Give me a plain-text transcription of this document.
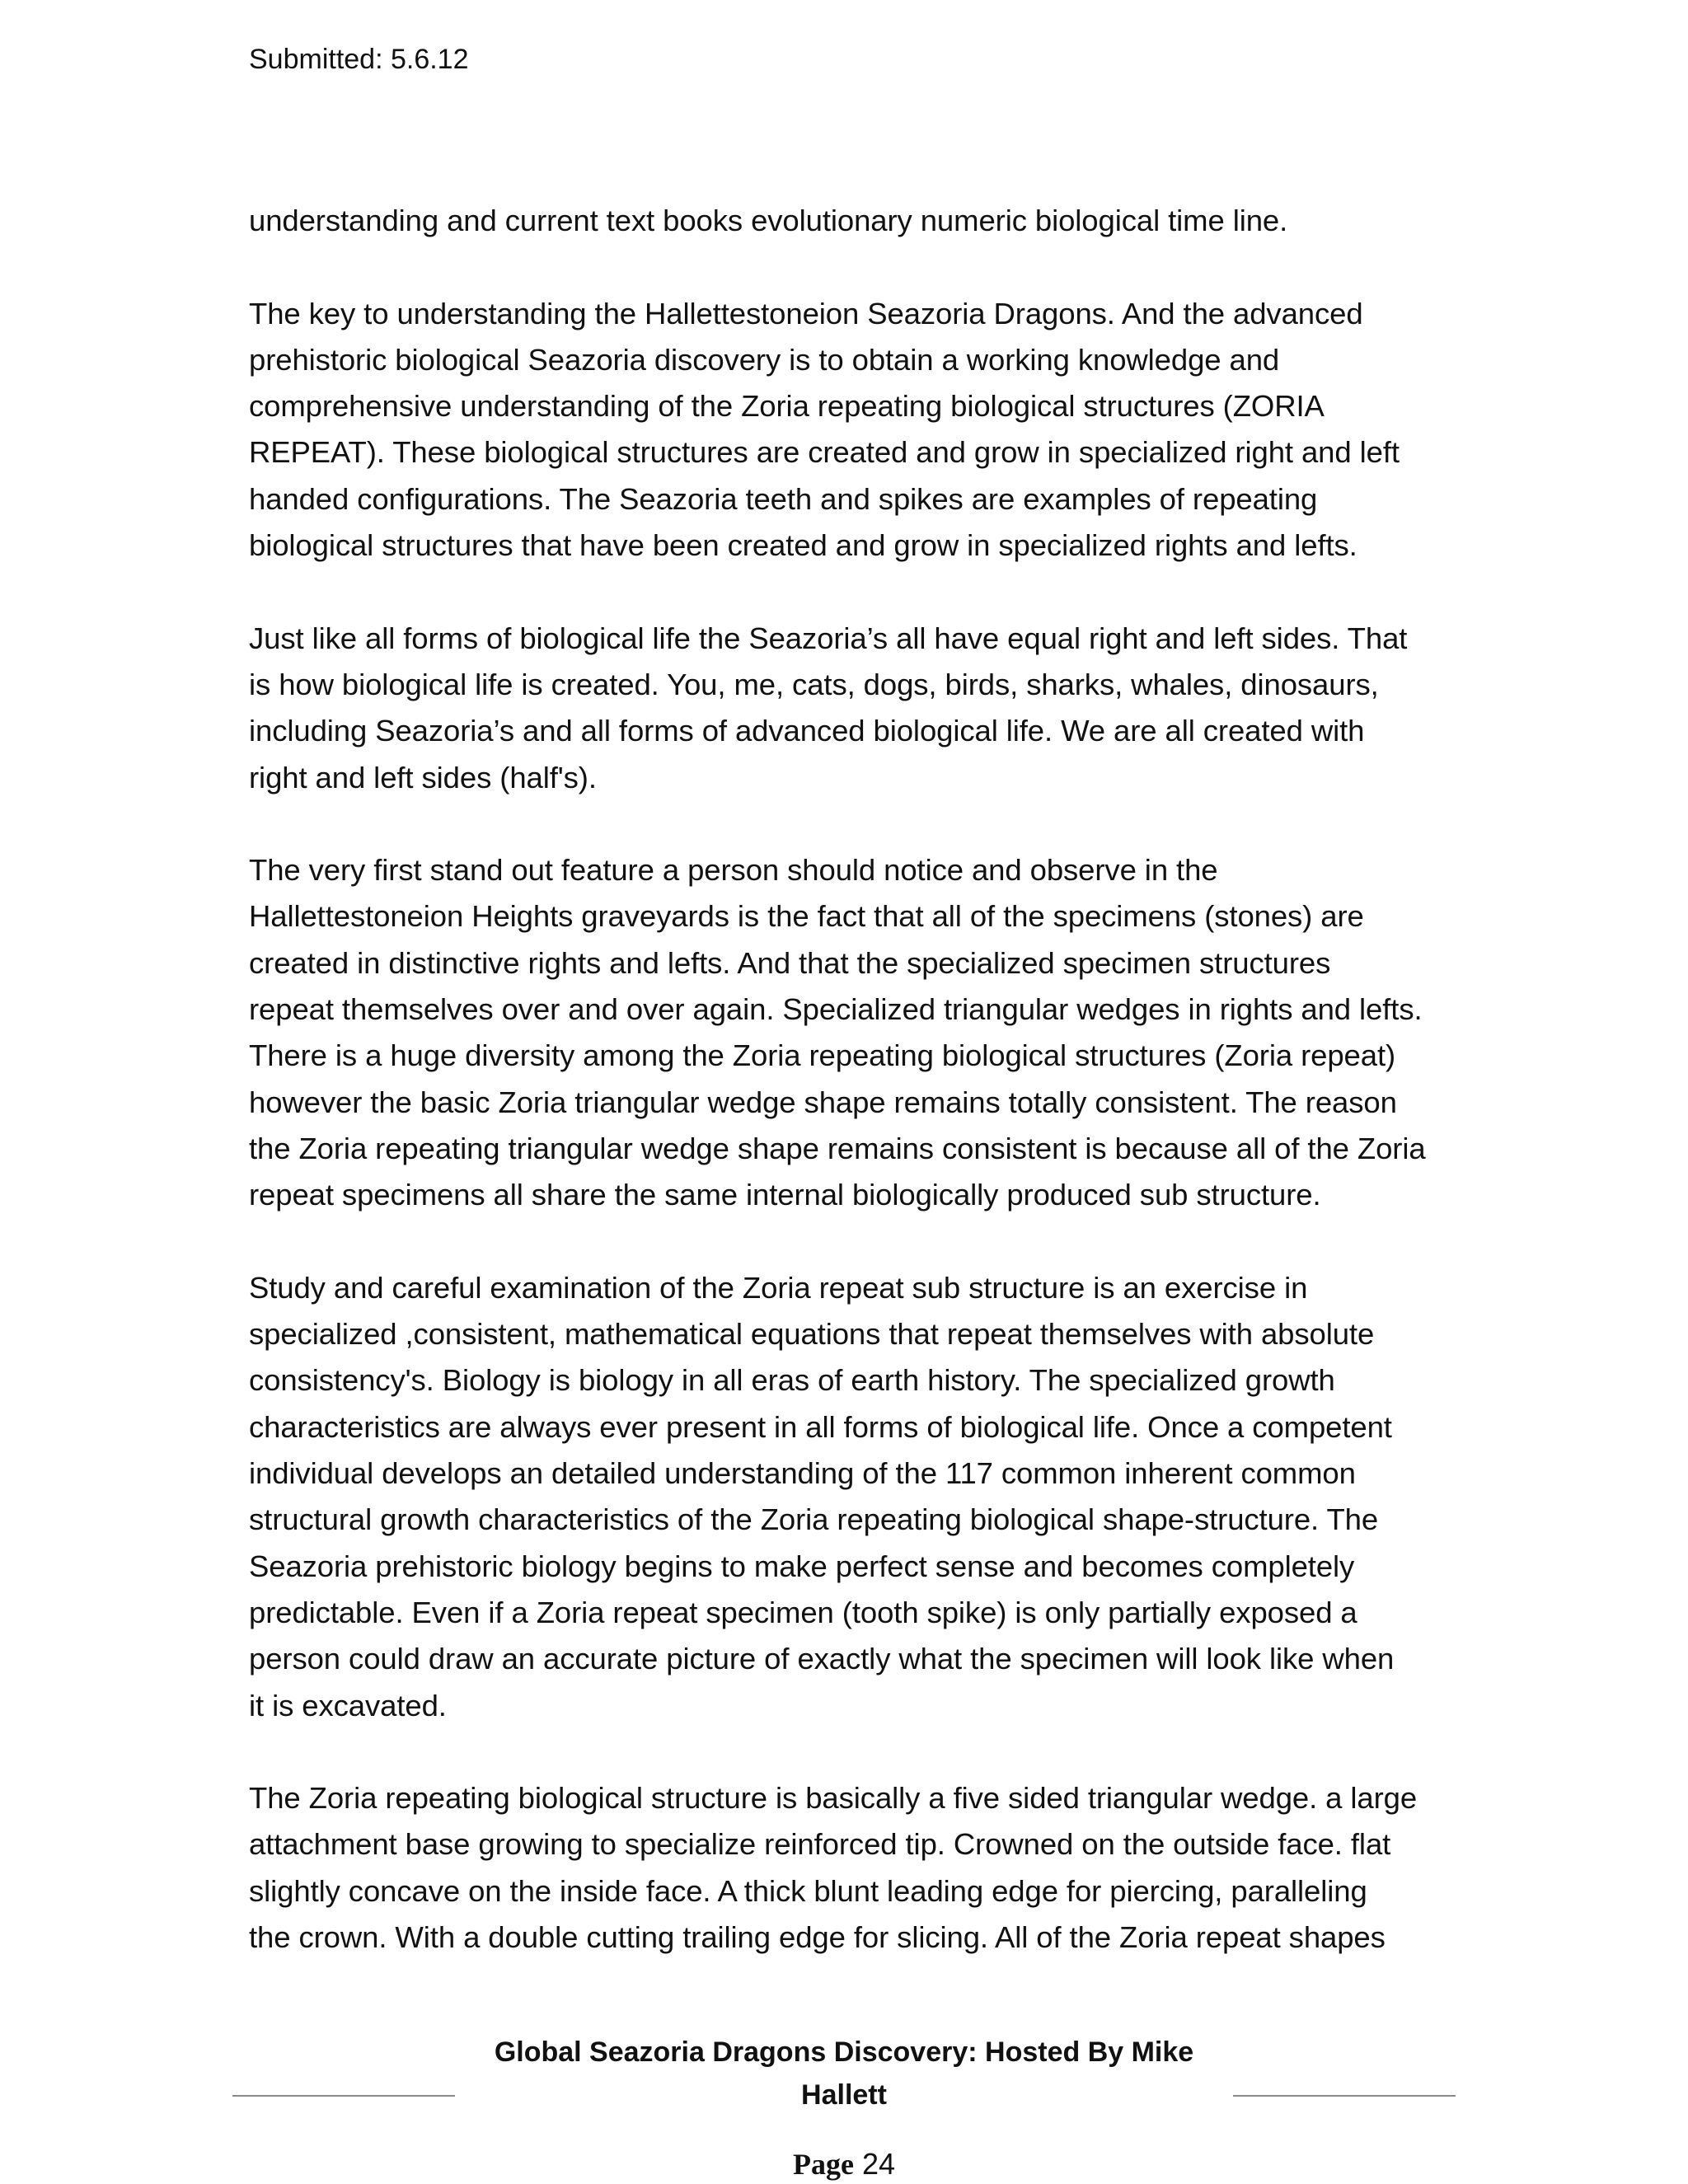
Submitted: 5.6.12

understanding and current text books evolutionary numeric biological time line.

The key to understanding the Hallettestoneion Seazoria Dragons. And the advanced
prehistoric biological Seazoria discovery is to obtain a working knowledge and
comprehensive understanding of the Zoria repeating biological structures (ZORIA
REPEAT). These biological structures are created and grow in specialized right and left
handed configurations. The Seazoria teeth and spikes are examples of repeating
biological structures that have been created and grow in specialized rights and lefts.

Just like all forms of biological life the Seazoria’s all have equal right and left sides. That
is how biological life is created. You, me, cats, dogs, birds, sharks, whales, dinosaurs,
including Seazoria’s and all forms of advanced biological life. We are all created with
right and left sides (half's).

The very first stand out feature a person should notice and observe in the
Hallettestoneion Heights graveyards is the fact that all of the specimens (stones) are
created in distinctive rights and lefts. And that the specialized specimen structures
repeat themselves over and over again. Specialized triangular wedges in rights and lefts.
There is a huge diversity among the Zoria repeating biological structures (Zoria repeat)
however the basic Zoria triangular wedge shape remains totally consistent. The reason
the Zoria repeating triangular wedge shape remains consistent is because all of the Zoria
repeat specimens all share the same internal biologically produced sub structure.

Study and careful examination of the Zoria repeat sub structure is an exercise in
specialized ,consistent, mathematical equations that repeat themselves with absolute
consistency's. Biology is biology in all eras of earth history. The specialized growth
characteristics are always ever present in all forms of biological life. Once a competent
individual develops an detailed understanding of the 117 common inherent common
structural growth characteristics of the Zoria repeating biological shape-structure. The
Seazoria prehistoric biology begins to make perfect sense and becomes completely
predictable. Even if a Zoria repeat specimen (tooth spike) is only partially exposed a
person could draw an accurate picture of exactly what the specimen will look like when
it is excavated.

The Zoria repeating biological structure is basically a five sided triangular wedge. a large
attachment base growing to specialize reinforced tip. Crowned on the outside face. flat
slightly concave on the inside face. A thick blunt leading edge for piercing, paralleling
the crown. With a double cutting trailing edge for slicing. All of the Zoria repeat shapes

Global Seazoria Dragons Discovery: Hosted By Mike
Hallett
Page 24
